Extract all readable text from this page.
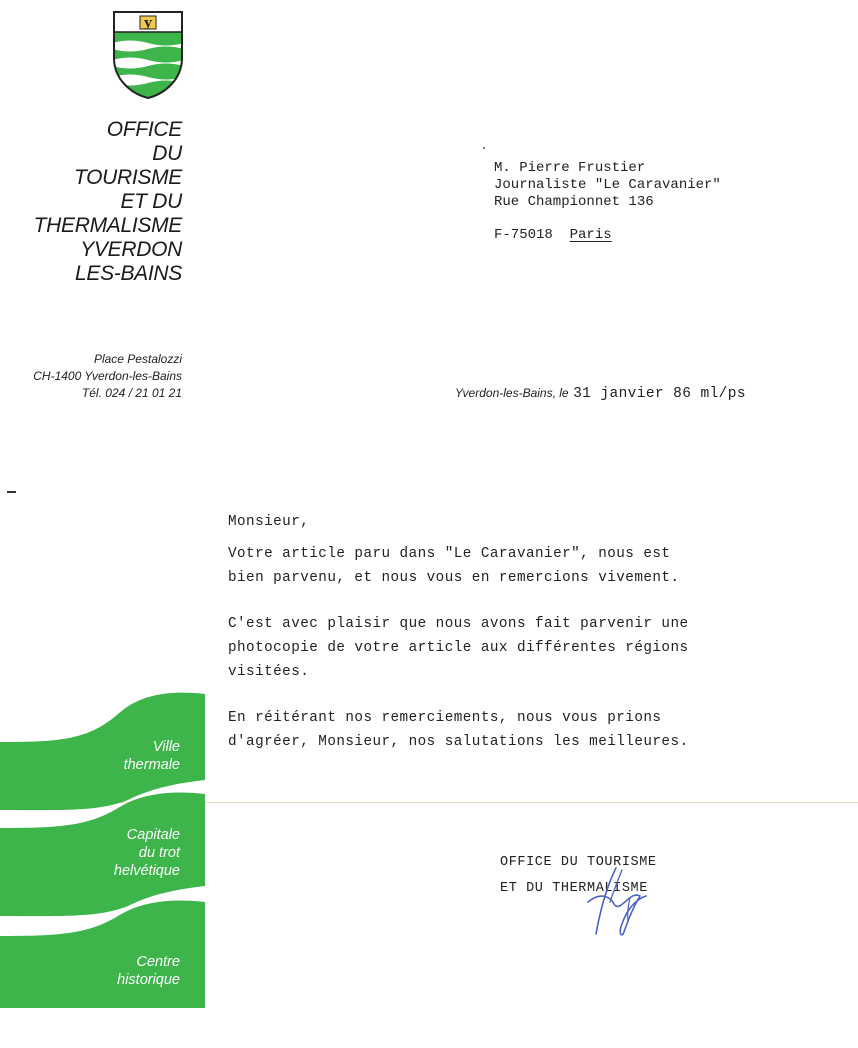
y
OFFICE
DU
TOURISME
ET DU
THERMALISME
YVERDON
LES-BAINS
Place Pestalozzi
CH-1400 Yverdon-les-Bains
Tél. 024 / 21 01 21
M. Pierre Frustier
Journaliste "Le Caravanier"
Rue Championnet 136
F-75018 Paris
Yverdon-les-Bains, le 31 janvier 86 ml/ps

Monsieur,

Votre article paru dans "Le Caravanier", nous est
bien parvenu, et nous vous en remercions vivement.

C'est avec plaisir que nous avons fait parvenir une
photocopie de votre article aux différentes régions
visitées.

En réitérant nos remerciements, nous vous prions
d'agréer, Monsieur, nos salutations les meilleures.

Ville
thermale
Capitale
du trot
helvétique
Centre
historique
OFFICE DU TOURISME
ET DU THERMALISME
